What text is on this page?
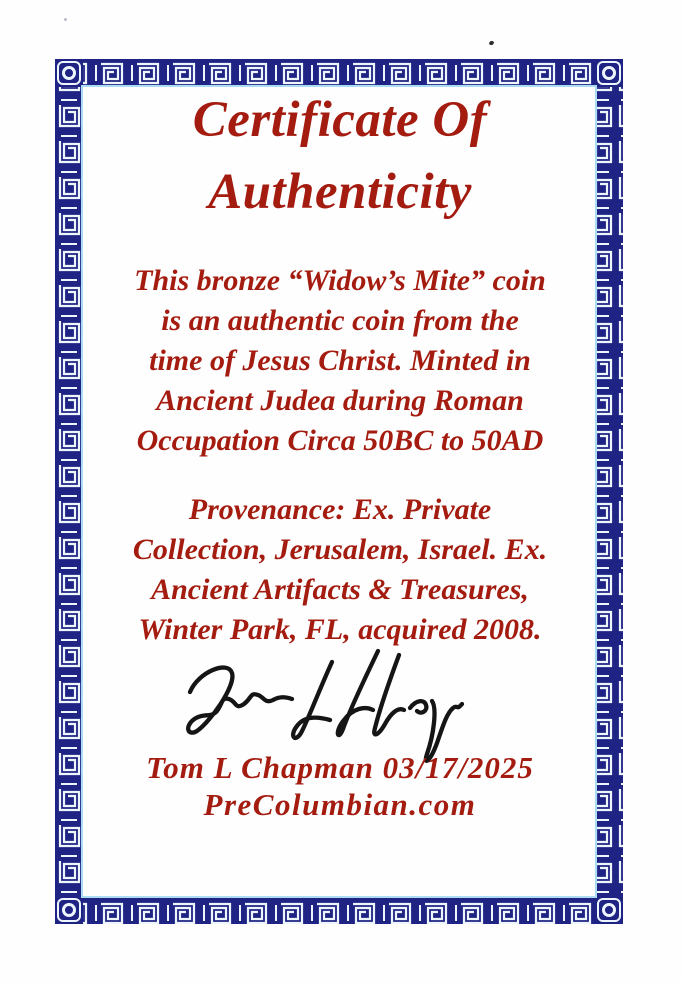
Certificate Of
Authenticity
This bronze “Widow’s Mite” coin
is an authentic coin from the
time of Jesus Christ. Minted in
Ancient Judea during Roman
Occupation Circa 50BC to 50AD
Provenance: Ex. Private
Collection, Jerusalem, Israel. Ex.
Ancient Artifacts & Treasures,
Winter Park, FL, acquired 2008.
Tom L Chapman 03/17/2025
PreColumbian.com
